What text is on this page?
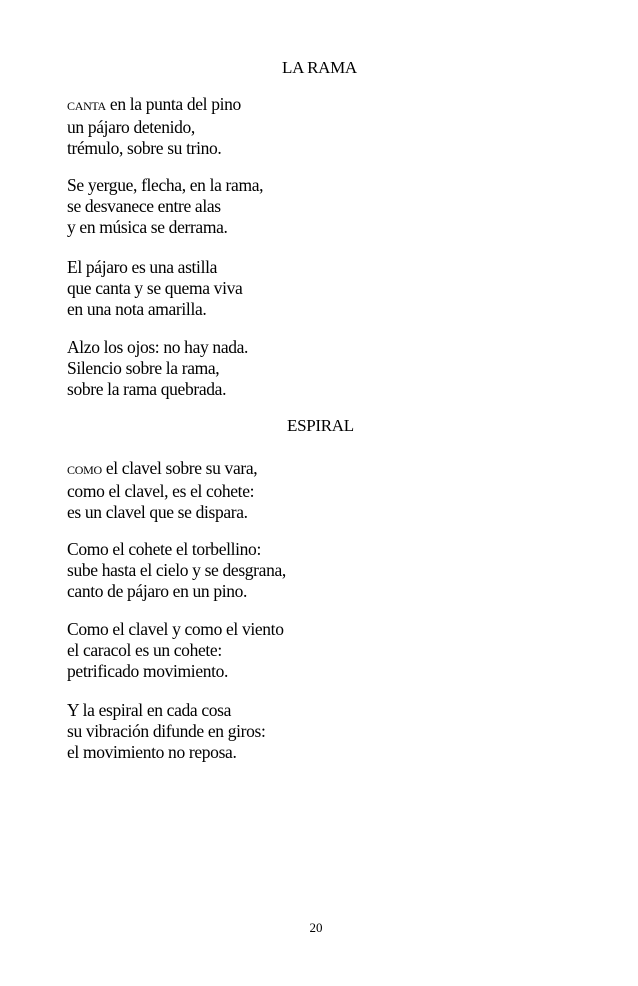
LA RAMA

CANTA en la punta del pino
un pájaro detenido,
trémulo, sobre su trino.

Se yergue, flecha, en la rama,
se desvanece entre alas
y en música se derrama.

El pájaro es una astilla
que canta y se quema viva
en una nota amarilla.

Alzo los ojos: no hay nada.
Silencio sobre la rama,
sobre la rama quebrada.

ESPIRAL

COMO el clavel sobre su vara,
como el clavel, es el cohete:
es un clavel que se dispara.

Como el cohete el torbellino:
sube hasta el cielo y se desgrana,
canto de pájaro en un pino.

Como el clavel y como el viento
el caracol es un cohete:
petrificado movimiento.

Y la espiral en cada cosa
su vibración difunde en giros:
el movimiento no reposa.

20
